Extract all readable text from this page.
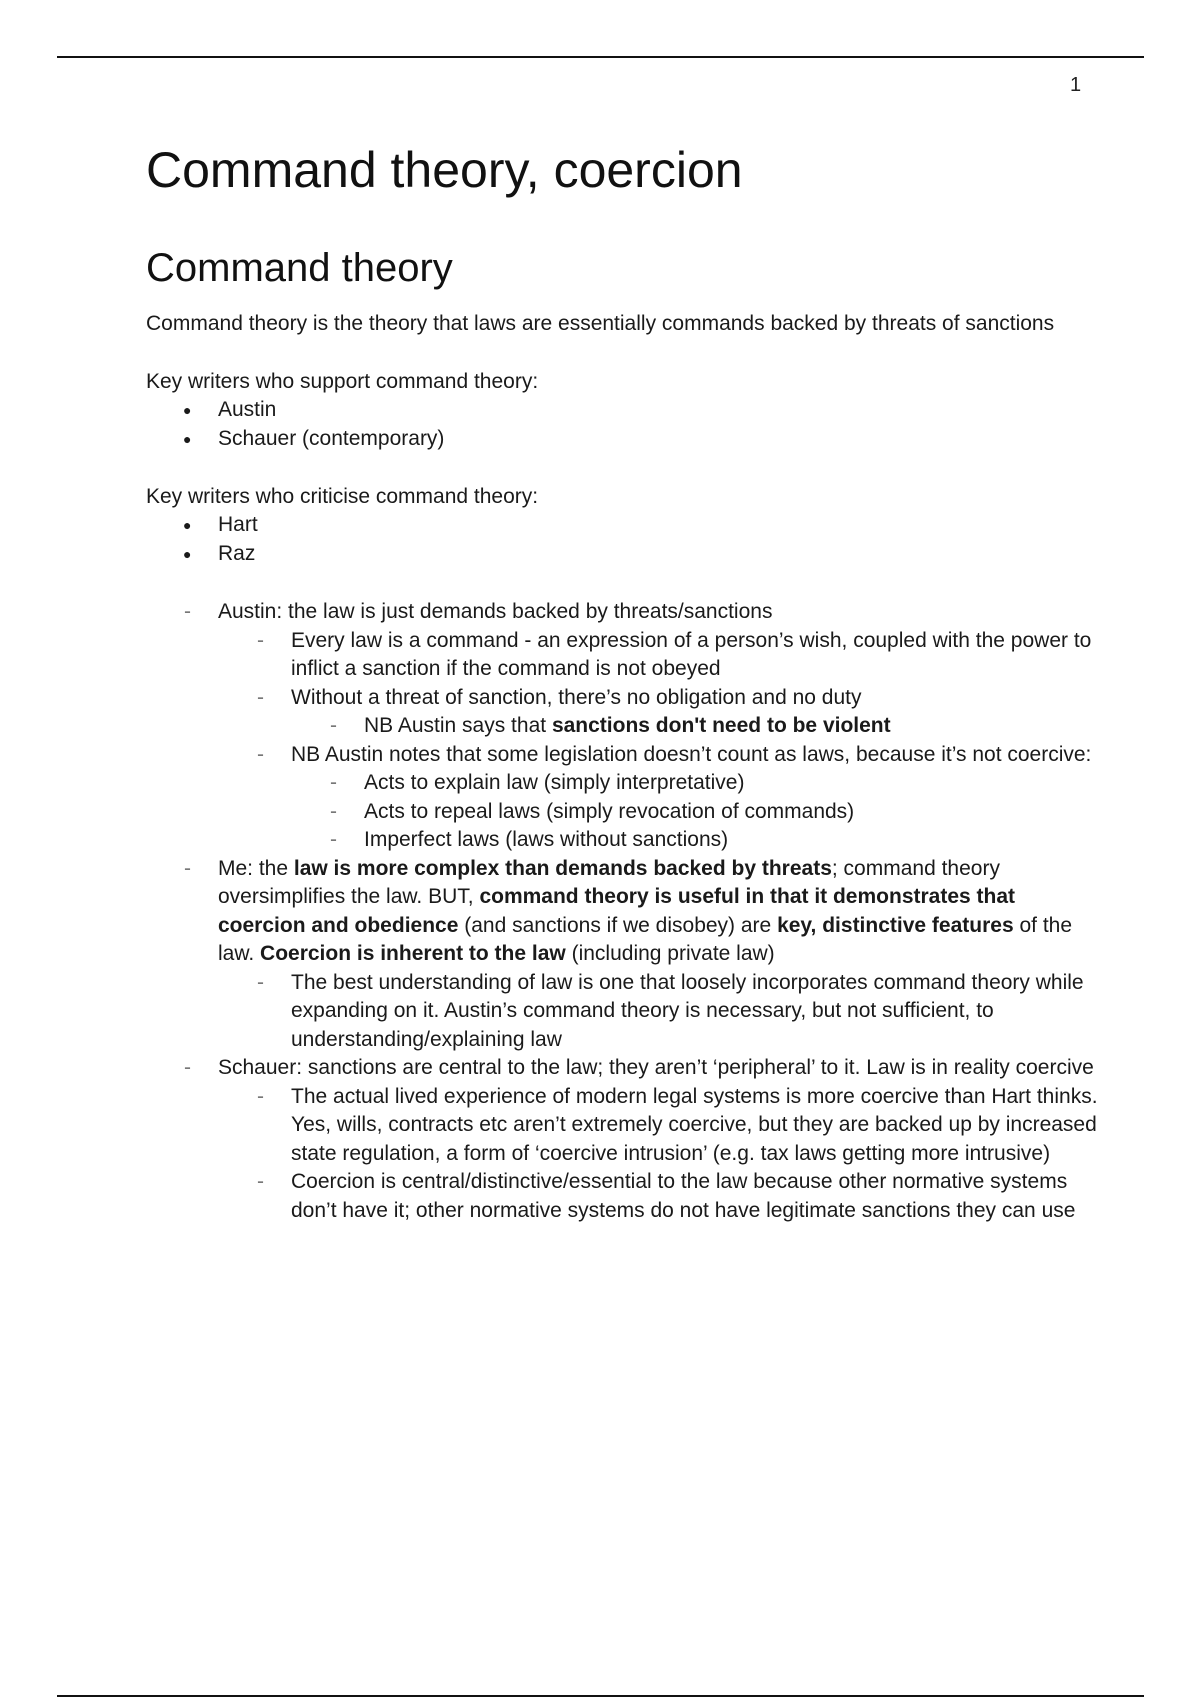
1
Command theory, coercion
Command theory

Command theory is the theory that laws are essentially commands backed by threats of sanctions

Key writers who support command theory:

● Austin
● Schauer (contemporary)

Key writers who criticise command theory:

● Hart
● Raz
- Austin: the law is just demands backed by threats/sanctions
- Every law is a command - an expression of a person’s wish, coupled with the power to inflict a sanction if the command is not obeyed
- Without a threat of sanction, there’s no obligation and no duty
- NB Austin says that sanctions don't need to be violent
- NB Austin notes that some legislation doesn’t count as laws, because it’s not coercive:
- Acts to explain law (simply interpretative)
- Acts to repeal laws (simply revocation of commands)
- Imperfect laws (laws without sanctions)
- Me: the law is more complex than demands backed by threats; command theory oversimplifies the law. BUT, command theory is useful in that it demonstrates that coercion and obedience (and sanctions if we disobey) are key, distinctive features of the law. Coercion is inherent to the law (including private law)
- The best understanding of law is one that loosely incorporates command theory while expanding on it. Austin’s command theory is necessary, but not sufficient, to understanding/explaining law
- Schauer: sanctions are central to the law; they aren’t ‘peripheral’ to it. Law is in reality coercive
- The actual lived experience of modern legal systems is more coercive than Hart thinks. Yes, wills, contracts etc aren’t extremely coercive, but they are backed up by increased state regulation, a form of ‘coercive intrusion’ (e.g. tax laws getting more intrusive)
- Coercion is central/distinctive/essential to the law because other normative systems don’t have it; other normative systems do not have legitimate sanctions they can use
